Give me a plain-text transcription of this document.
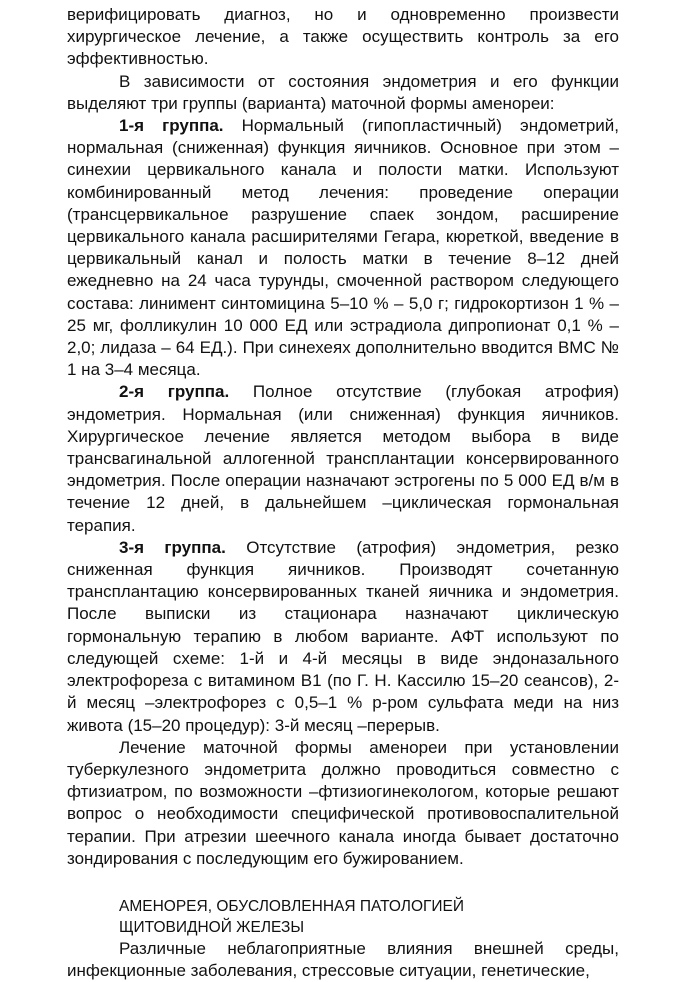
верифицировать диагноз, но и одновременно произвести хирургическое лечение, а также осуществить контроль за его эффективностью.

В зависимости от состояния эндометрия и его функции выделяют три группы (варианта) маточной формы аменореи:

1-я группа. Нормальный (гипопластичный) эндометрий, нормальная (сниженная) функция яичников. Основное при этом – синехии цервикального канала и полости матки. Используют комбинированный метод лечения: проведение операции (трансцервикальное разрушение спаек зондом, расширение цервикального канала расширителями Гегара, кюреткой, введение в цервикальный канал и полость матки в течение 8–12 дней ежедневно на 24 часа турунды, смоченной раствором следующего состава: линимент синтомицина 5–10 % – 5,0 г; гидрокортизон 1 % – 25 мг, фолликулин 10 000 ЕД или эстрадиола дипропионат 0,1 % –2,0; лидаза – 64 ЕД.). При синехеях дополнительно вводится ВМС № 1 на 3–4 месяца.

2-я группа. Полное отсутствие (глубокая атрофия) эндометрия. Нормальная (или сниженная) функция яичников. Хирургическое лечение является методом выбора в виде трансвагинальной аллогенной трансплантации консервированного эндометрия. После операции назначают эстрогены по 5 000 ЕД в/м в течение 12 дней, в дальнейшем –циклическая гормональная терапия.

3-я группа. Отсутствие (атрофия) эндометрия, резко сниженная функция яичников. Производят сочетанную трансплантацию консервированных тканей яичника и эндометрия. После выписки из стационара назначают циклическую гормональную терапию в любом варианте. АФТ используют по следующей схеме: 1-й и 4-й месяцы в виде эндоназального электрофореза с витамином В1 (по Г. Н. Кассилю 15–20 сеансов), 2-й месяц –электрофорез с 0,5–1 % р-ром сульфата меди на низ живота (15–20 процедур): 3-й месяц –перерыв.

Лечение маточной формы аменореи при установлении туберкулезного эндометрита должно проводиться совместно с фтизиатром, по возможности –фтизиогинекологом, которые решают вопрос о необходимости специфической противовоспалительной терапии. При атрезии шеечного канала иногда бывает достаточно зондирования с последующим его бужированием.

АМЕНОРЕЯ, ОБУСЛОВЛЕННАЯ ПАТОЛОГИЕЙ
ЩИТОВИДНОЙ ЖЕЛЕЗЫ

Различные неблагоприятные влияния внешней среды, инфекционные заболевания, стрессовые ситуации, генетические,
